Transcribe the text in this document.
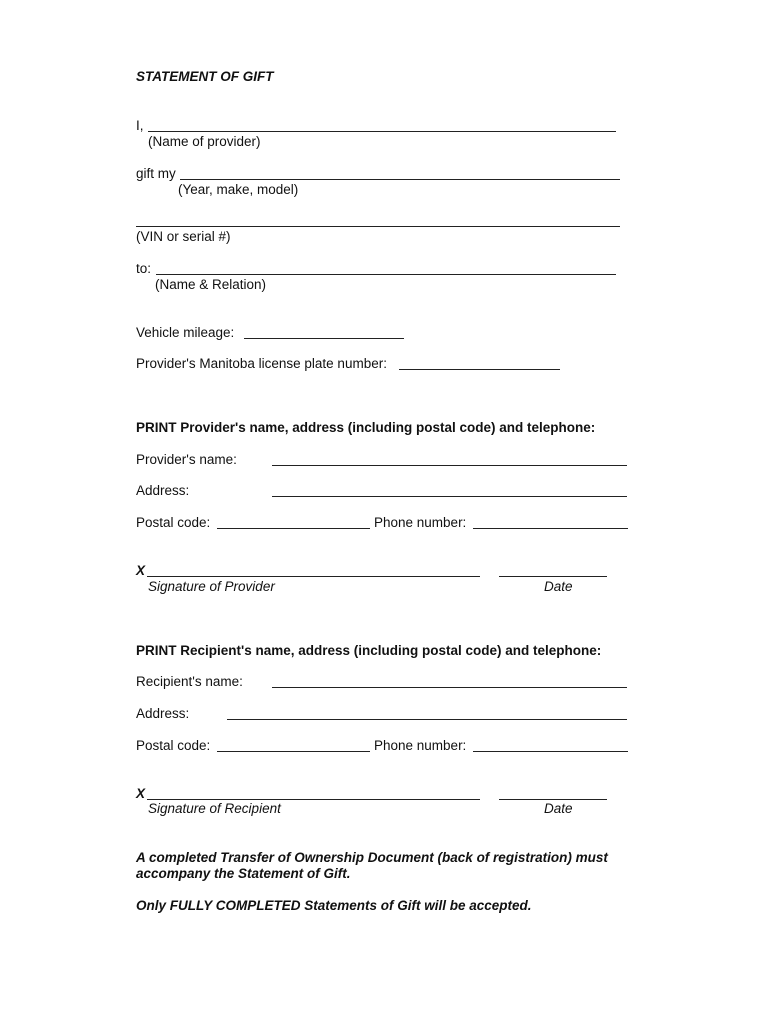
STATEMENT OF GIFT
I,
(Name of provider)
gift my
(Year, make, model)
(VIN or serial #)
to:
(Name & Relation)
Vehicle mileage:
Provider's Manitoba license plate number:
PRINT Provider's name, address (including postal code) and telephone:
Provider's name:
Address:
Postal code:	Phone number:
X
Signature of Provider	Date
PRINT Recipient's name, address (including postal code) and telephone:
Recipient's name:
Address:
Postal code:	Phone number:
X
Signature of Recipient	Date
A completed Transfer of Ownership Document (back of registration) must
accompany the Statement of Gift.
Only FULLY COMPLETED Statements of Gift will be accepted.
